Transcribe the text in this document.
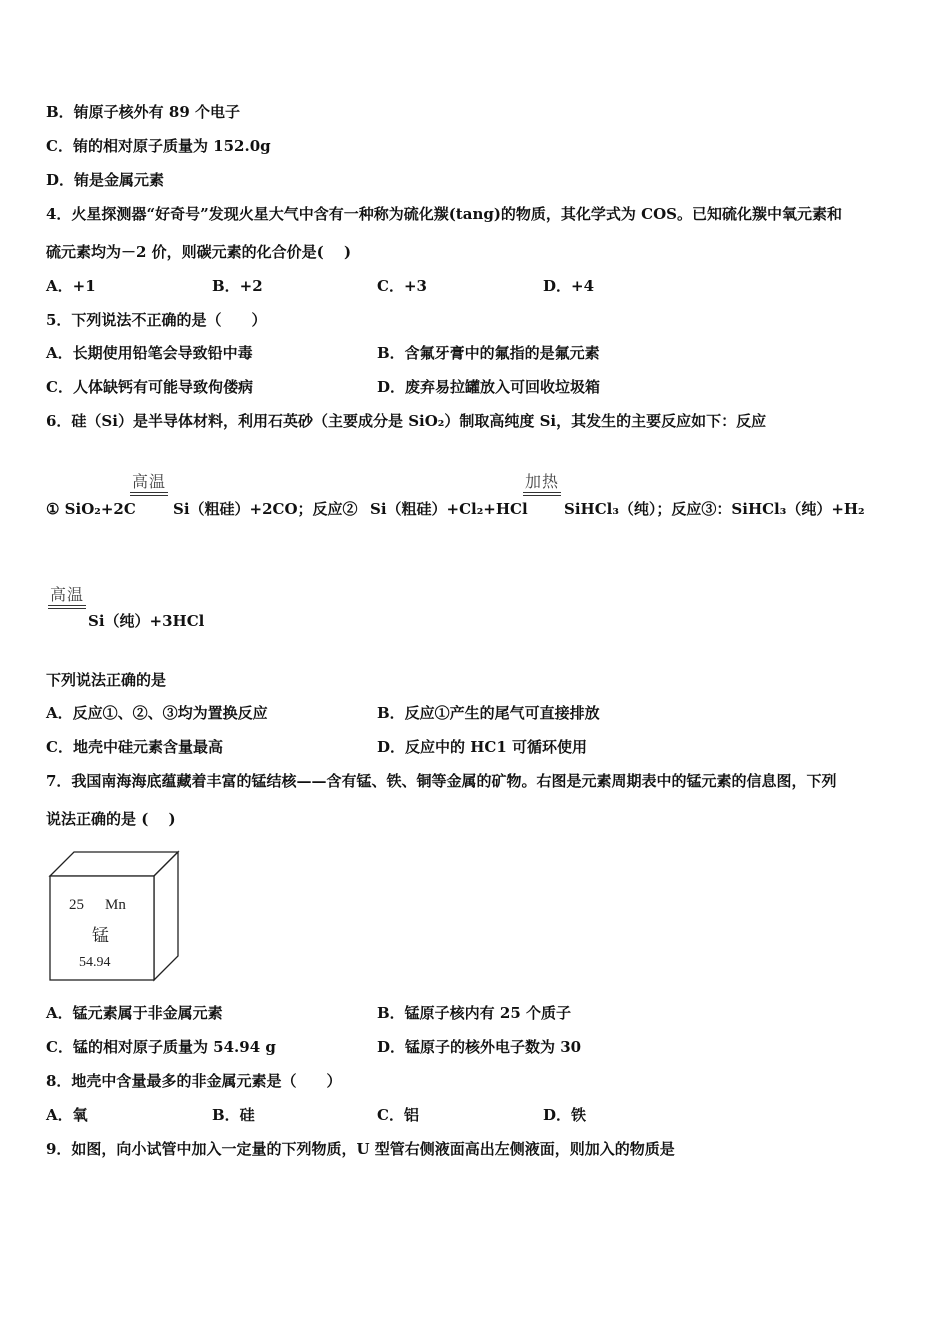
B．铕原子核外有 89 个电子
C．铕的相对原子质量为 152.0g
D．铕是金属元素
4．火星探测器“好奇号”发现火星大气中含有一种称为硫化羰(tang)的物质，其化学式为 COS。已知硫化羰中氧元素和
硫元素均为－2 价，则碳元素的化合价是(　 )
A．+1	B．+2	C．+3	D．+4
5．下列说法不正确的是（　　）
A．长期使用铅笔会导致铅中毒	B．含氟牙膏中的氟指的是氟元素
C．人体缺钙有可能导致佝偻病	D．废弃易拉罐放入可回收垃圾箱
6．硅（Si）是半导体材料，利用石英砂（主要成分是 SiO₂）制取高纯度 Si，其发生的主要反应如下：反应
① SiO₂+2C
高温
Si（粗硅）+2CO；反应② Si（粗硅）+Cl₂+HCl
加热
SiHCl₃（纯）；反应③：SiHCl₃（纯）+H₂
高温
Si（纯）+3HCl
下列说法正确的是
A．反应①、②、③均为置换反应	B．反应①产生的尾气可直接排放
C．地壳中硅元素含量最高	D．反应中的 HC1 可循环使用
7．我国南海海底蕴藏着丰富的锰结核——含有锰、铁、铜等金属的矿物。右图是元素周期表中的锰元素的信息图，下列
说法正确的是 (　 )
25 Mn
锰
54.94
A．锰元素属于非金属元素	B．锰原子核内有 25 个质子
C．锰的相对原子质量为 54.94 g	D．锰原子的核外电子数为 30
8．地壳中含量最多的非金属元素是（　　）
A．氧	B．硅	C．铝	D．铁
9．如图，向小试管中加入一定量的下列物质，U 型管右侧液面高出左侧液面，则加入的物质是
